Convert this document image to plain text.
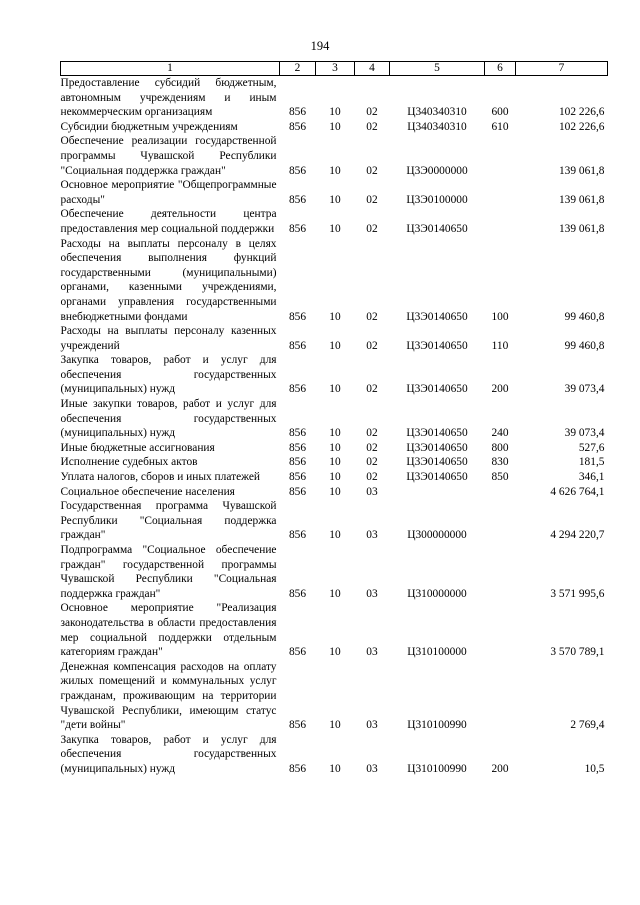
194
1	2	3	4	5	6	7
Предоставление субсидий бюджетным, автономным учреждениям и иным некоммерческим организациям	856	10	02	Ц340340310	600	102 226,6
Субсидии бюджетным учреждениям	856	10	02	Ц340340310	610	102 226,6
Обеспечение реализации государственной программы Чувашской Республики "Социальная поддержка граждан"	856	10	02	Ц3Э0000000		139 061,8
Основное мероприятие "Общепрограммные расходы"	856	10	02	Ц3Э0100000		139 061,8
Обеспечение деятельности центра предоставления мер социальной поддержки	856	10	02	Ц3Э0140650		139 061,8
Расходы на выплаты персоналу в целях обеспечения выполнения функций государственными (муниципальными) органами, казенными учреждениями, органами управления государственными внебюджетными фондами	856	10	02	Ц3Э0140650	100	99 460,8
Расходы на выплаты персоналу казенных учреждений	856	10	02	Ц3Э0140650	110	99 460,8
Закупка товаров, работ и услуг для обеспечения государственных (муниципальных) нужд	856	10	02	Ц3Э0140650	200	39 073,4
Иные закупки товаров, работ и услуг для обеспечения государственных (муниципальных) нужд	856	10	02	Ц3Э0140650	240	39 073,4
Иные бюджетные ассигнования	856	10	02	Ц3Э0140650	800	527,6
Исполнение судебных актов	856	10	02	Ц3Э0140650	830	181,5
Уплата налогов, сборов и иных платежей	856	10	02	Ц3Э0140650	850	346,1
Социальное обеспечение населения	856	10	03			4 626 764,1
Государственная программа Чувашской Республики "Социальная поддержка граждан"	856	10	03	Ц300000000		4 294 220,7
Подпрограмма "Социальное обеспечение граждан" государственной программы Чувашской Республики "Социальная поддержка граждан"	856	10	03	Ц310000000		3 571 995,6
Основное мероприятие "Реализация законодательства в области предоставления мер социальной поддержки отдельным категориям граждан"	856	10	03	Ц310100000		3 570 789,1
Денежная компенсация расходов на оплату жилых помещений и коммунальных услуг гражданам, проживающим на территории Чувашской Республики, имеющим статус "дети войны"	856	10	03	Ц310100990		2 769,4
Закупка товаров, работ и услуг для обеспечения государственных (муниципальных) нужд	856	10	03	Ц310100990	200	10,5
